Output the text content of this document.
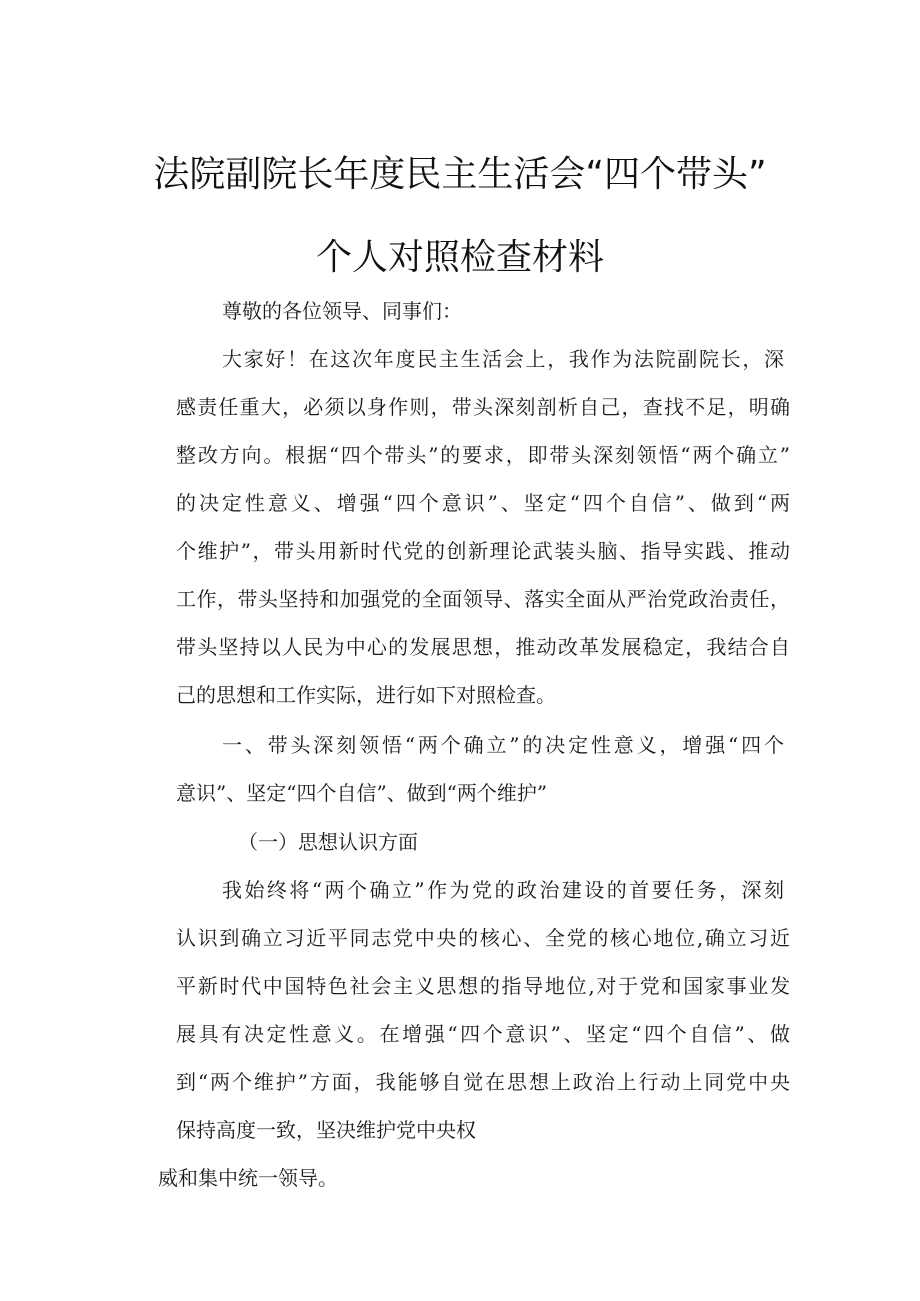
法院副院长年度民主生活会“四个带头”
个人对照检查材料
尊敬的各位领导、同事们：
大家好！在这次年度民主生活会上，我作为法院副院长，深
感责任重大，必须以身作则，带头深刻剖析自己，查找不足，明确
整改方向。根据“四个带头”的要求，即带头深刻领悟“两个确立”
的决定性意义、增强“四个意识”、坚定“四个自信”、做到“两
个维护”，带头用新时代党的创新理论武装头脑、指导实践、推动
工作，带头坚持和加强党的全面领导、落实全面从严治党政治责任，
带头坚持以人民为中心的发展思想，推动改革发展稳定，我结合自
己的思想和工作实际，进行如下对照检查。
一、带头深刻领悟“两个确立”的决定性意义，增强“四个
意识”、坚定“四个自信”、做到“两个维护”
（一）思想认识方面
我始终将“两个确立”作为党的政治建设的首要任务，深刻
认识到确立习近平同志党中央的核心、全党的核心地位,确立习近
平新时代中国特色社会主义思想的指导地位,对于党和国家事业发
展具有决定性意义。在增强“四个意识”、坚定“四个自信”、做
到“两个维护”方面，我能够自觉在思想上政治上行动上同党中央
保持高度一致，坚决维护党中央权
威和集中统一领导。
